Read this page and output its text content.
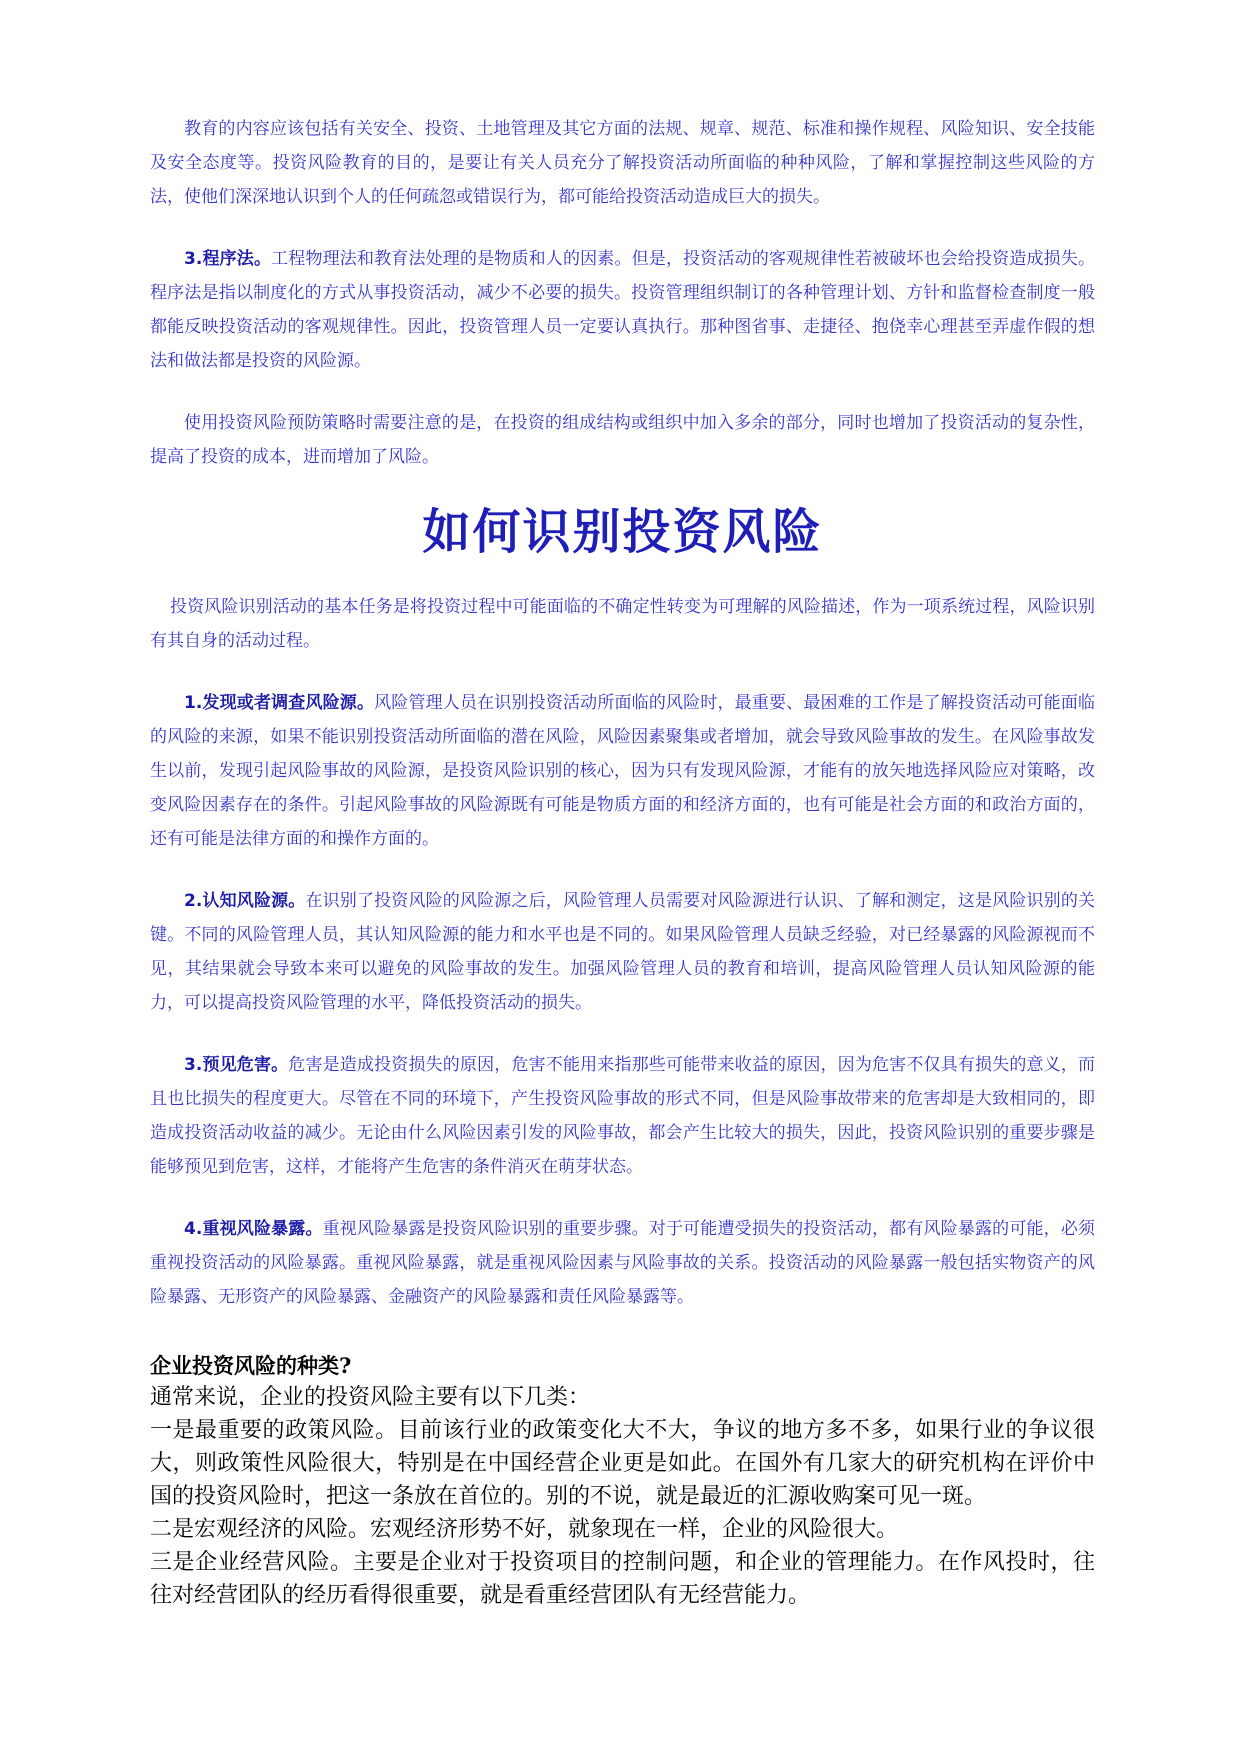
教育的内容应该包括有关安全、投资、土地管理及其它方面的法规、规章、规范、标准和操作规程、风险知识、安全技能及安全态度等。投资风险教育的目的，是要让有关人员充分了解投资活动所面临的种种风险，了解和掌握控制这些风险的方法，使他们深深地认识到个人的任何疏忽或错误行为，都可能给投资活动造成巨大的损失。

3.程序法。工程物理法和教育法处理的是物质和人的因素。但是，投资活动的客观规律性若被破坏也会给投资造成损失。程序法是指以制度化的方式从事投资活动，减少不必要的损失。投资管理组织制订的各种管理计划、方针和监督检查制度一般都能反映投资活动的客观规律性。因此，投资管理人员一定要认真执行。那种图省事、走捷径、抱侥幸心理甚至弄虚作假的想法和做法都是投资的风险源。

使用投资风险预防策略时需要注意的是，在投资的组成结构或组织中加入多余的部分，同时也增加了投资活动的复杂性，提高了投资的成本，进而增加了风险。

如何识别投资风险

投资风险识别活动的基本任务是将投资过程中可能面临的不确定性转变为可理解的风险描述，作为一项系统过程，风险识别有其自身的活动过程。

1.发现或者调查风险源。风险管理人员在识别投资活动所面临的风险时，最重要、最困难的工作是了解投资活动可能面临的风险的来源，如果不能识别投资活动所面临的潜在风险，风险因素聚集或者增加，就会导致风险事故的发生。在风险事故发生以前，发现引起风险事故的风险源，是投资风险识别的核心，因为只有发现风险源，才能有的放矢地选择风险应对策略，改变风险因素存在的条件。引起风险事故的风险源既有可能是物质方面的和经济方面的，也有可能是社会方面的和政治方面的，还有可能是法律方面的和操作方面的。

2.认知风险源。在识别了投资风险的风险源之后，风险管理人员需要对风险源进行认识、了解和测定，这是风险识别的关键。不同的风险管理人员，其认知风险源的能力和水平也是不同的。如果风险管理人员缺乏经验，对已经暴露的风险源视而不见，其结果就会导致本来可以避免的风险事故的发生。加强风险管理人员的教育和培训，提高风险管理人员认知风险源的能力，可以提高投资风险管理的水平，降低投资活动的损失。

3.预见危害。危害是造成投资损失的原因，危害不能用来指那些可能带来收益的原因，因为危害不仅具有损失的意义，而且也比损失的程度更大。尽管在不同的环境下，产生投资风险事故的形式不同，但是风险事故带来的危害却是大致相同的，即造成投资活动收益的减少。无论由什么风险因素引发的风险事故，都会产生比较大的损失，因此，投资风险识别的重要步骤是能够预见到危害，这样，才能将产生危害的条件消灭在萌芽状态。

4.重视风险暴露。重视风险暴露是投资风险识别的重要步骤。对于可能遭受损失的投资活动，都有风险暴露的可能，必须重视投资活动的风险暴露。重视风险暴露，就是重视风险因素与风险事故的关系。投资活动的风险暴露一般包括实物资产的风险暴露、无形资产的风险暴露、金融资产的风险暴露和责任风险暴露等。

企业投资风险的种类?

通常来说，企业的投资风险主要有以下几类：

一是最重要的政策风险。目前该行业的政策变化大不大，争议的地方多不多，如果行业的争议很大，则政策性风险很大，特别是在中国经营企业更是如此。在国外有几家大的研究机构在评价中国的投资风险时，把这一条放在首位的。别的不说，就是最近的汇源收购案可见一斑。

二是宏观经济的风险。宏观经济形势不好，就象现在一样，企业的风险很大。

三是企业经营风险。主要是企业对于投资项目的控制问题，和企业的管理能力。在作风投时，往往对经营团队的经历看得很重要，就是看重经营团队有无经营能力。
